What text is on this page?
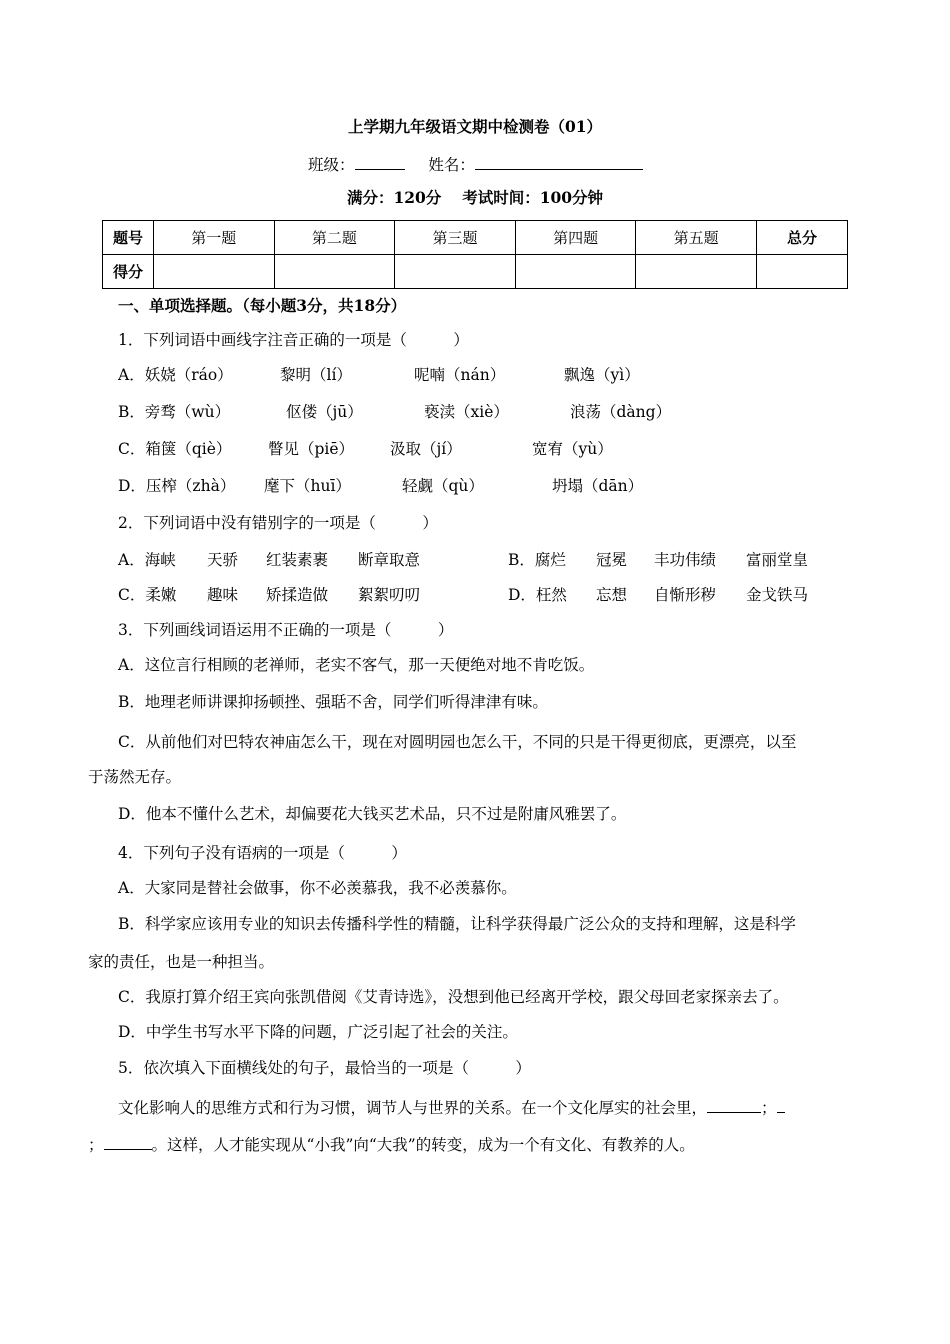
上学期九年级语文期中检测卷（01）
班级：	姓名：
满分：120分　 考试时间：100分钟
题号	第一题	第二题	第三题	第四题	第五题	总分
得分						
一、单项选择题。（每小题3分，共18分）
1．下列词语中画线字注音正确的一项是（　　　）
A．妖娆（ráo）	黎明（lí）	呢喃（nán）	飘逸（yì）
B．旁骛（wù）	伛偻（jū）	亵渎（xiè）	浪荡（dàng）
C．箱箧（qiè） 瞥见（piē） 汲取（jí）	宽宥（yù）
D．压榨（zhà） 麾下（huī）	轻觑（qù）	坍塌（dān）
2．下列词语中没有错别字的一项是（　　　）
A．海峡 天骄 红装素裹 断章取意	B．腐烂 冠冕 丰功伟绩 富丽堂皇
C．柔嫩 趣味 矫揉造做 絮絮叨叨	D．枉然 忘想 自惭形秽 金戈铁马
3．下列画线词语运用不正确的一项是（　　　）
A．这位言行相顾的老禅师，老实不客气，那一天便绝对地不肯吃饭。
B．地理老师讲课抑扬顿挫、强聒不舍，同学们听得津津有味。
C．从前他们对巴特农神庙怎么干，现在对圆明园也怎么干，不同的只是干得更彻底，更漂亮，以至
于荡然无存。
D．他本不懂什么艺术，却偏要花大钱买艺术品，只不过是附庸风雅罢了。
4．下列句子没有语病的一项是（　　　）
A．大家同是替社会做事，你不必羡慕我，我不必羡慕你。
B．科学家应该用专业的知识去传播科学性的精髓，让科学获得最广泛公众的支持和理解，这是科学
家的责任，也是一种担当。
C．我原打算介绍王宾向张凯借阅《艾青诗选》，没想到他已经离开学校，跟父母回老家探亲去了。
D．中学生书写水平下降的问题，广泛引起了社会的关注。
5．依次填入下面横线处的句子，最恰当的一项是（　　　）
文化影响人的思维方式和行为习惯，调节人与世界的关系。在一个文化厚实的社会里，	；
；	。这样，人才能实现从“小我”向“大我”的转变，成为一个有文化、有教养的人。
